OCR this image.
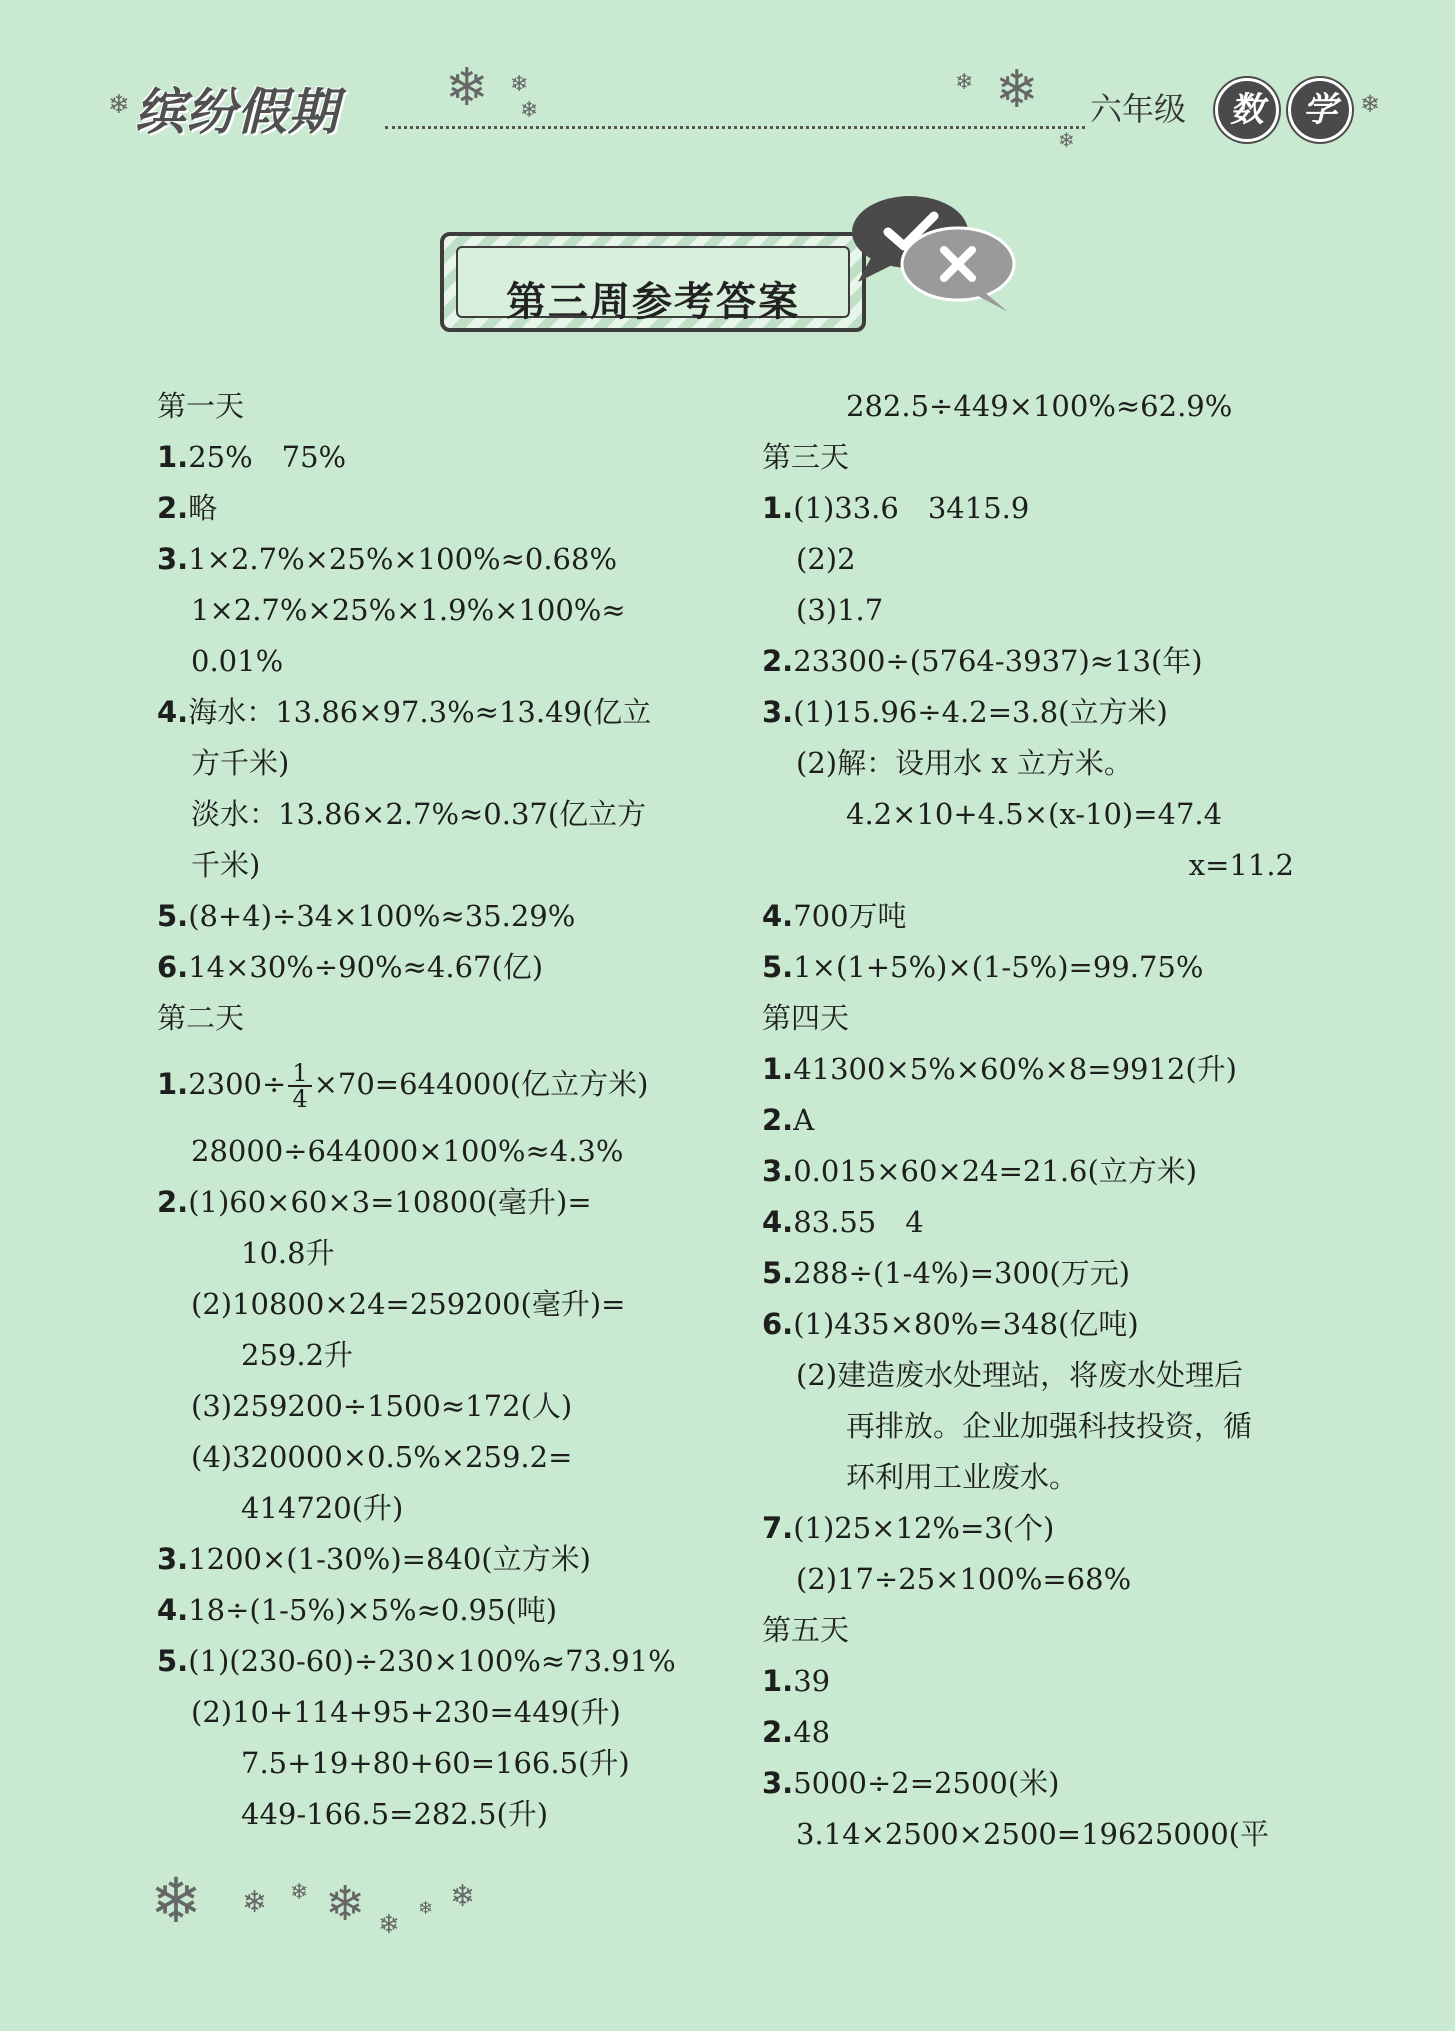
❄ 缤纷假期 ❄ ❄
❄
❄ ❄
❄
六年级	数	学 ❄
第三周参考答案
第一天
1.25%　75%
2.略
3.1×2.7%×25%×100%≈0.68%
1×2.7%×25%×1.9%×100%≈
0.01%
4.海水：13.86×97.3%≈13.49(亿立
方千米)
淡水：13.86×2.7%≈0.37(亿立方
千米)
5.(8+4)÷34×100%≈35.29%
6.14×30%÷90%≈4.67(亿)
第二天
$1.2300\div \frac{1}{4} \times 70=644000$(亿立方米)
28000÷644000×100%≈4.3%
2.(1)60×60×3=10800(毫升)=
10.8升
(2)10800×24=259200(毫升)=
259.2升
(3)259200÷1500≈172(人)
(4)320000×0.5%×259.2=
414720(升)
3.1200×(1-30%)=840(立方米)
4.18÷(1-5%)×5%≈0.95(吨)
5.(1)(230-60)÷230×100%≈73.91%
(2)10+114+95+230=449(升)
7.5+19+80+60=166.5(升)
449-166.5=282.5(升)
282.5÷449×100%≈62.9%
第三天
1.(1)33.6　3415.9
(2)2
(3)1.7
2.23300÷(5764-3937)≈13(年)
3.(1)15.96÷4.2=3.8(立方米)
(2)解：设用水 x 立方米。
4.2×10+4.5×(x-10)=47.4
x=11.2
4.700万吨
5.1×(1+5%)×(1-5%)=99.75%
第四天
1.41300×5%×60%×8=9912(升)
2.A
3.0.015×60×24=21.6(立方米)
4.83.55　4
5.288÷(1-4%)=300(万元)
6.(1)435×80%=348(亿吨)
(2)建造废水处理站，将废水处理后
再排放。企业加强科技投资，循
环利用工业废水。
7.(1)25×12%=3(个)
(2)17÷25×100%=68%
第五天
1.39
2.48
3.5000÷2=2500(米)
3.14×2500×2500=19625000(平
❄ ❄ ❄ ❄ ❄
❄ ❄
